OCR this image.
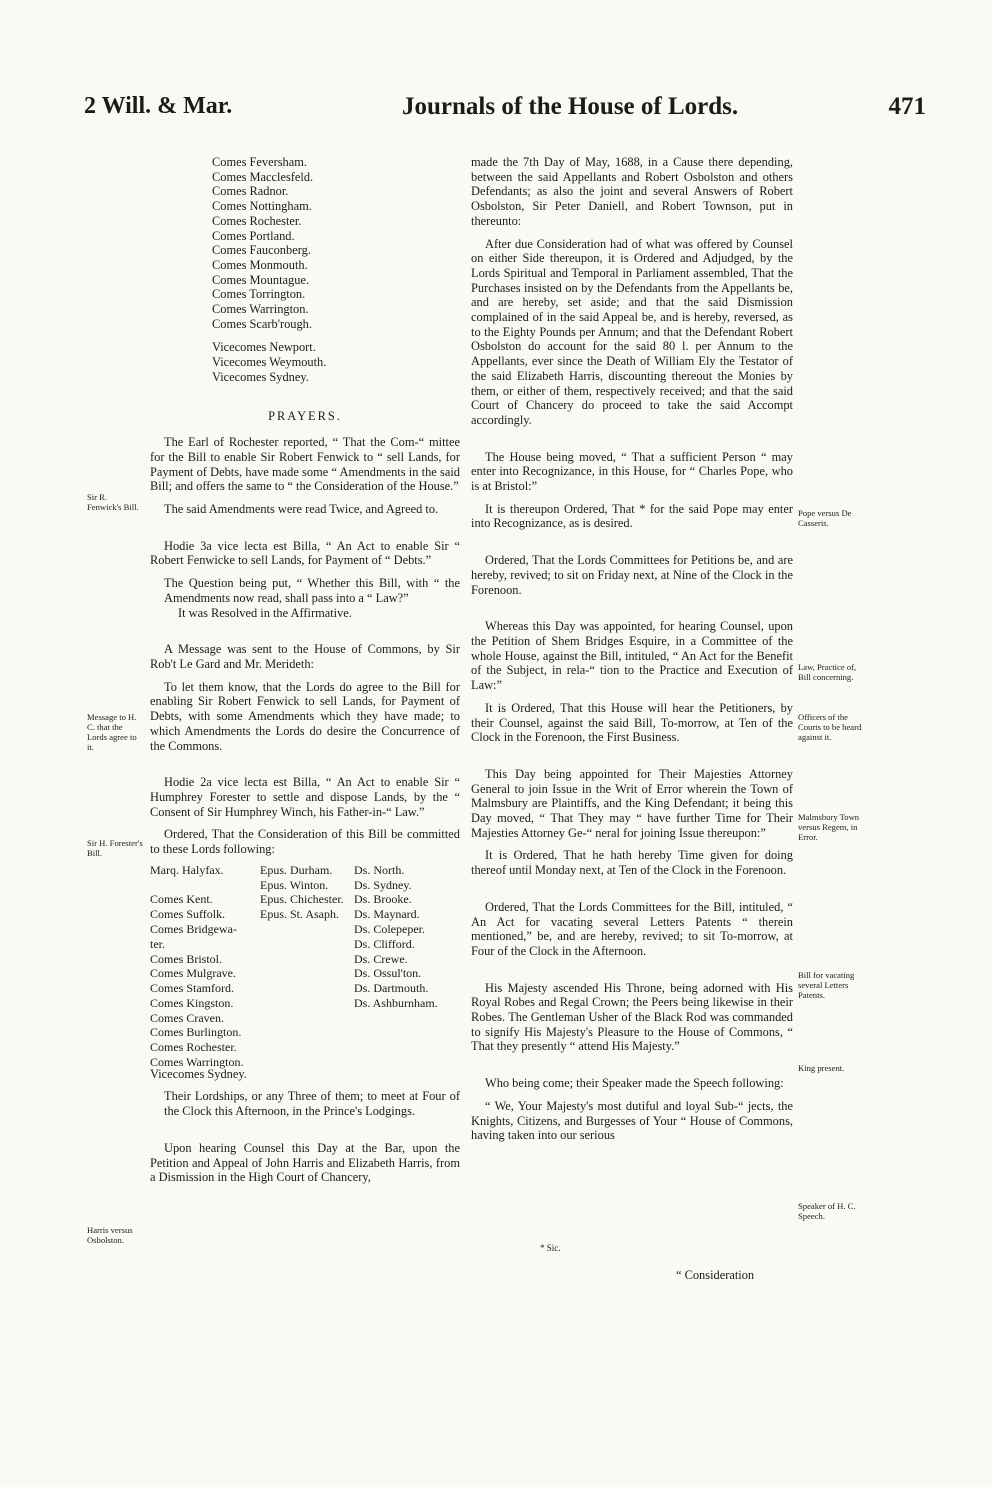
2 Will. & Mar.	Journals of the House of Lords.	471
Sir R. Fenwick's Bill.
Message to H. C. that the Lords agree to it.
Sir H. Forester's Bill.
Harris versus Osbolston.
Pope versus De Casseris.
Law, Practice of, Bill concerning.
Officers of the Courts to be heard against it.
Malmsbury Town versus Regem, in Error.
Bill for vacating several Letters Patents.
King present.
Speaker of H. C. Speech.
Comes Feversham.
Comes Macclesfeld.
Comes Radnor.
Comes Nottingham.
Comes Rochester.
Comes Portland.
Comes Fauconberg.
Comes Monmouth.
Comes Mountague.
Comes Torrington.
Comes Warrington.
Comes Scarb'rough.
Vicecomes Newport.
Vicecomes Weymouth.
Vicecomes Sydney.
PRAYERS.

The Earl of Rochester reported, “ That the Com-“ mittee for the Bill to enable Sir Robert Fenwick to “ sell Lands, for Payment of Debts, have made some “ Amendments in the said Bill; and offers the same to “ the Consideration of the House.”

The said Amendments were read Twice, and Agreed to.

Hodie 3a vice lecta est Billa, “ An Act to enable Sir “ Robert Fenwicke to sell Lands, for Payment of “ Debts.”

The Question being put, “ Whether this Bill, with “ the Amendments now read, shall pass into a “ Law?”

It was Resolved in the Affirmative.

A Message was sent to the House of Commons, by Sir Rob't Le Gard and Mr. Merideth:

To let them know, that the Lords do agree to the Bill for enabling Sir Robert Fenwick to sell Lands, for Payment of Debts, with some Amendments which they have made; to which Amendments the Lords do desire the Concurrence of the Commons.

Hodie 2a vice lecta est Billa, “ An Act to enable Sir “ Humphrey Forester to settle and dispose Lands, by the “ Consent of Sir Humphrey Winch, his Father-in-“ Law.”

Ordered, That the Consideration of this Bill be committed to these Lords following:

Marq. Halyfax.

Comes Kent.
Comes Suffolk.
Comes Bridgewa-
ter.
Comes Bristol.
Comes Mulgrave.
Comes Stamford.
Comes Kingston.
Comes Craven.
Comes Burlington.
Comes Rochester.
Comes Warrington.
Epus. Durham.
Epus. Winton.
Epus. Chichester.
Epus. St. Asaph.
Ds. North.
Ds. Sydney.
Ds. Brooke.
Ds. Maynard.
Ds. Colepeper.
Ds. Clifford.
Ds. Crewe.
Ds. Ossul'ton.
Ds. Dartmouth.
Ds. Ashburnham.
Vicecomes Sydney.

Their Lordships, or any Three of them; to meet at Four of the Clock this Afternoon, in the Prince's Lodgings.

Upon hearing Counsel this Day at the Bar, upon the Petition and Appeal of John Harris and Elizabeth Harris, from a Dismission in the High Court of Chancery,

made the 7th Day of May, 1688, in a Cause there depending, between the said Appellants and Robert Osbolston and others Defendants; as also the joint and several Answers of Robert Osbolston, Sir Peter Daniell, and Robert Townson, put in thereunto:

After due Consideration had of what was offered by Counsel on either Side thereupon, it is Ordered and Adjudged, by the Lords Spiritual and Temporal in Parliament assembled, That the Purchases insisted on by the Defendants from the Appellants be, and are hereby, set aside; and that the said Dismission complained of in the said Appeal be, and is hereby, reversed, as to the Eighty Pounds per Annum; and that the Defendant Robert Osbolston do account for the said 80 l. per Annum to the Appellants, ever since the Death of William Ely the Testator of the said Elizabeth Harris, discounting thereout the Monies by them, or either of them, respectively received; and that the said Court of Chancery do proceed to take the said Accompt accordingly.

The House being moved, “ That a sufficient Person “ may enter into Recognizance, in this House, for “ Charles Pope, who is at Bristol:”

It is thereupon Ordered, That * for the said Pope may enter into Recognizance, as is desired.

Ordered, That the Lords Committees for Petitions be, and are hereby, revived; to sit on Friday next, at Nine of the Clock in the Forenoon.

Whereas this Day was appointed, for hearing Counsel, upon the Petition of Shem Bridges Esquire, in a Committee of the whole House, against the Bill, intituled, “ An Act for the Benefit of the Subject, in rela-“ tion to the Practice and Execution of Law:”

It is Ordered, That this House will hear the Petitioners, by their Counsel, against the said Bill, To-morrow, at Ten of the Clock in the Forenoon, the First Business.

This Day being appointed for Their Majesties Attorney General to join Issue in the Writ of Error wherein the Town of Malmsbury are Plaintiffs, and the King Defendant; it being this Day moved, “ That They may “ have further Time for Their Majesties Attorney Ge-“ neral for joining Issue thereupon:”

It is Ordered, That he hath hereby Time given for doing thereof until Monday next, at Ten of the Clock in the Forenoon.

Ordered, That the Lords Committees for the Bill, intituled, “ An Act for vacating several Letters Patents “ therein mentioned,” be, and are hereby, revived; to sit To-morrow, at Four of the Clock in the Afternoon.

His Majesty ascended His Throne, being adorned with His Royal Robes and Regal Crown; the Peers being likewise in their Robes. The Gentleman Usher of the Black Rod was commanded to signify His Majesty's Pleasure to the House of Commons, “ That they presently “ attend His Majesty.”

Who being come; their Speaker made the Speech following:

“ We, Your Majesty's most dutiful and loyal Sub-“ jects, the Knights, Citizens, and Burgesses of Your “ House of Commons, having taken into our serious

* Sic.
“ Consideration
